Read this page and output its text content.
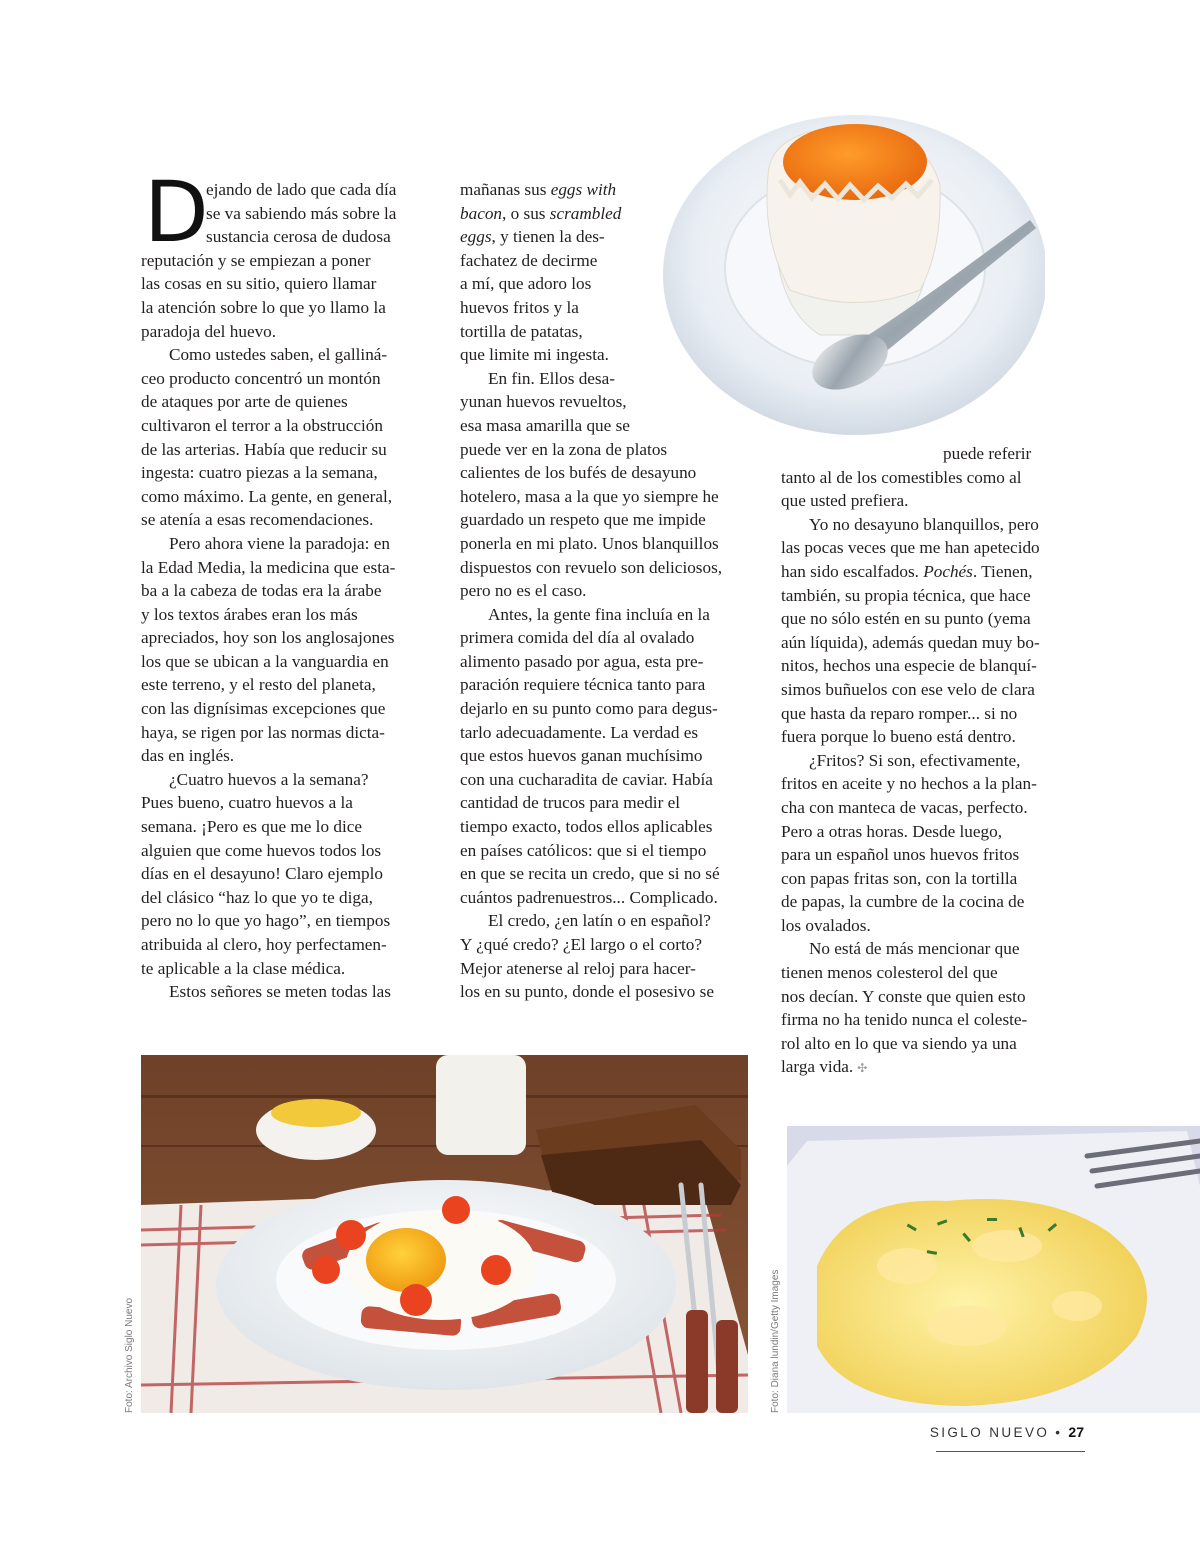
D
ejando de lado que cada día
se va sabiendo más sobre la
sustancia cerosa de dudosa
reputación y se empiezan a poner
las cosas en su sitio, quiero llamar
la atención sobre lo que yo llamo la
paradoja del huevo.
Como ustedes saben, el galliná-
ceo producto concentró un montón
de ataques por arte de quienes
cultivaron el terror a la obstrucción
de las arterias. Había que reducir su
ingesta: cuatro piezas a la semana,
como máximo. La gente, en general,
se atenía a esas recomendaciones.
Pero ahora viene la paradoja: en
la Edad Media, la medicina que esta-
ba a la cabeza de todas era la árabe
y los textos árabes eran los más
apreciados, hoy son los anglosajones
los que se ubican a la vanguardia en
este terreno, y el resto del planeta,
con las dignísimas excepciones que
haya, se rigen por las normas dicta-
das en inglés.
¿Cuatro huevos a la semana?
Pues bueno, cuatro huevos a la
semana. ¡Pero es que me lo dice
alguien que come huevos todos los
días en el desayuno! Claro ejemplo
del clásico “haz lo que yo te diga,
pero no lo que yo hago”, en tiempos
atribuida al clero, hoy perfectamen-
te aplicable a la clase médica.
Estos señores se meten todas las
mañanas sus eggs with
bacon, o sus scrambled
eggs, y tienen la des-
fachatez de decirme
a mí, que adoro los
huevos fritos y la
tortilla de patatas,
que limite mi ingesta.
En fin. Ellos desa-
yunan huevos revueltos,
esa masa amarilla que se
puede ver en la zona de platos
calientes de los bufés de desayuno
hotelero, masa a la que yo siempre he
guardado un respeto que me impide
ponerla en mi plato. Unos blanquillos
dispuestos con revuelo son deliciosos,
pero no es el caso.
Antes, la gente fina incluía en la
primera comida del día al ovalado
alimento pasado por agua, esta pre-
paración requiere técnica tanto para
dejarlo en su punto como para degus-
tarlo adecuadamente. La verdad es
que estos huevos ganan muchísimo
con una cucharadita de caviar. Había
cantidad de trucos para medir el
tiempo exacto, todos ellos aplicables
en países católicos: que si el tiempo
en que se recita un credo, que si no sé
cuántos padrenuestros... Complicado.
El credo, ¿en latín o en español?
Y ¿qué credo? ¿El largo o el corto?
Mejor atenerse al reloj para hacer-
los en su punto, donde el posesivo se
puede referir
tanto al de los comestibles como al
que usted prefiera.
Yo no desayuno blanquillos, pero
las pocas veces que me han apetecido
han sido escalfados. Pochés. Tienen,
también, su propia técnica, que hace
que no sólo estén en su punto (yema
aún líquida), además quedan muy bo-
nitos, hechos una especie de blanquí-
simos buñuelos con ese velo de clara
que hasta da reparo romper... si no
fuera porque lo bueno está dentro.
¿Fritos? Si son, efectivamente,
fritos en aceite y no hechos a la plan-
cha con manteca de vacas, perfecto.
Pero a otras horas. Desde luego,
para un español unos huevos fritos
con papas fritas son, con la tortilla
de papas, la cumbre de la cocina de
los ovalados.
No está de más mencionar que
tienen menos colesterol del que
nos decían. Y conste que quien esto
firma no ha tenido nunca el coleste-
rol alto en lo que va siendo ya una
larga vida. ✣
Foto: Archivo Siglo Nuevo	Foto: Diana lundin/Getty Images
SIGLO NUEVO • 27
